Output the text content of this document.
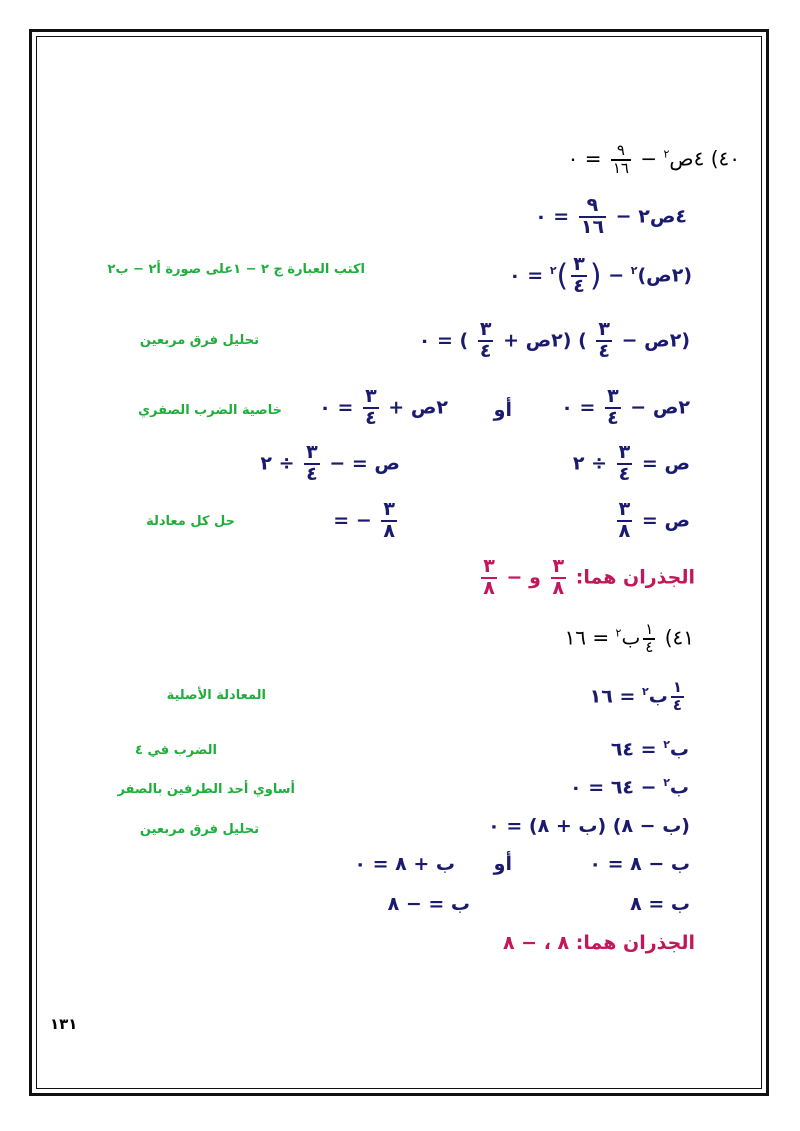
٤٠) ٤ص$^٢$ −
$\frac{٩}{١٦}$
= ٠
٤ص٢ −
$\frac{٩}{١٦}$
= ٠
(٢ص)$^٢$ − (
$\frac{٣}{٤}$
)$^٢$ = ٠
اكتب العبارة ج ٢ − ١على صورة أ٢ − ب٢
(٢ص −
$\frac{٣}{٤}$
) (٢ص +
$\frac{٣}{٤}$
) = ٠
تحليل فرق مربعين
٢ص −
$\frac{٣}{٤}$
= ٠
أو
٢ص +
$\frac{٣}{٤}$
= ٠
خاصية الضرب الصفري
ص =
$\frac{٣}{٤}$
÷ ٢
ص = −
$\frac{٣}{٤}$
÷ ٢
ص =
$\frac{٣}{٨}$
= − $\frac{٣}{٨}$
حل كل معادلة
الجذران هما:
$\frac{٣}{٨}$
و −
$\frac{٣}{٨}$
٤١)
$\frac{١}{٤}$
ب$^٢$ = ١٦
$\frac{١}{٤}$
ب$^٢$ = ١٦
المعادلة الأصلية
ب$^٢$ = ٦٤
الضرب في ٤
ب$^٢$ − ٦٤ = ٠
أساوي أحد الطرفين بالصفر
(ب − ٨) (ب + ٨) = ٠
تحليل فرق مربعين
ب − ٨ = ٠
أو
ب + ٨ = ٠
ب = ٨
ب = − ٨
الجذران هما: ٨ ، − ٨
١٣١
